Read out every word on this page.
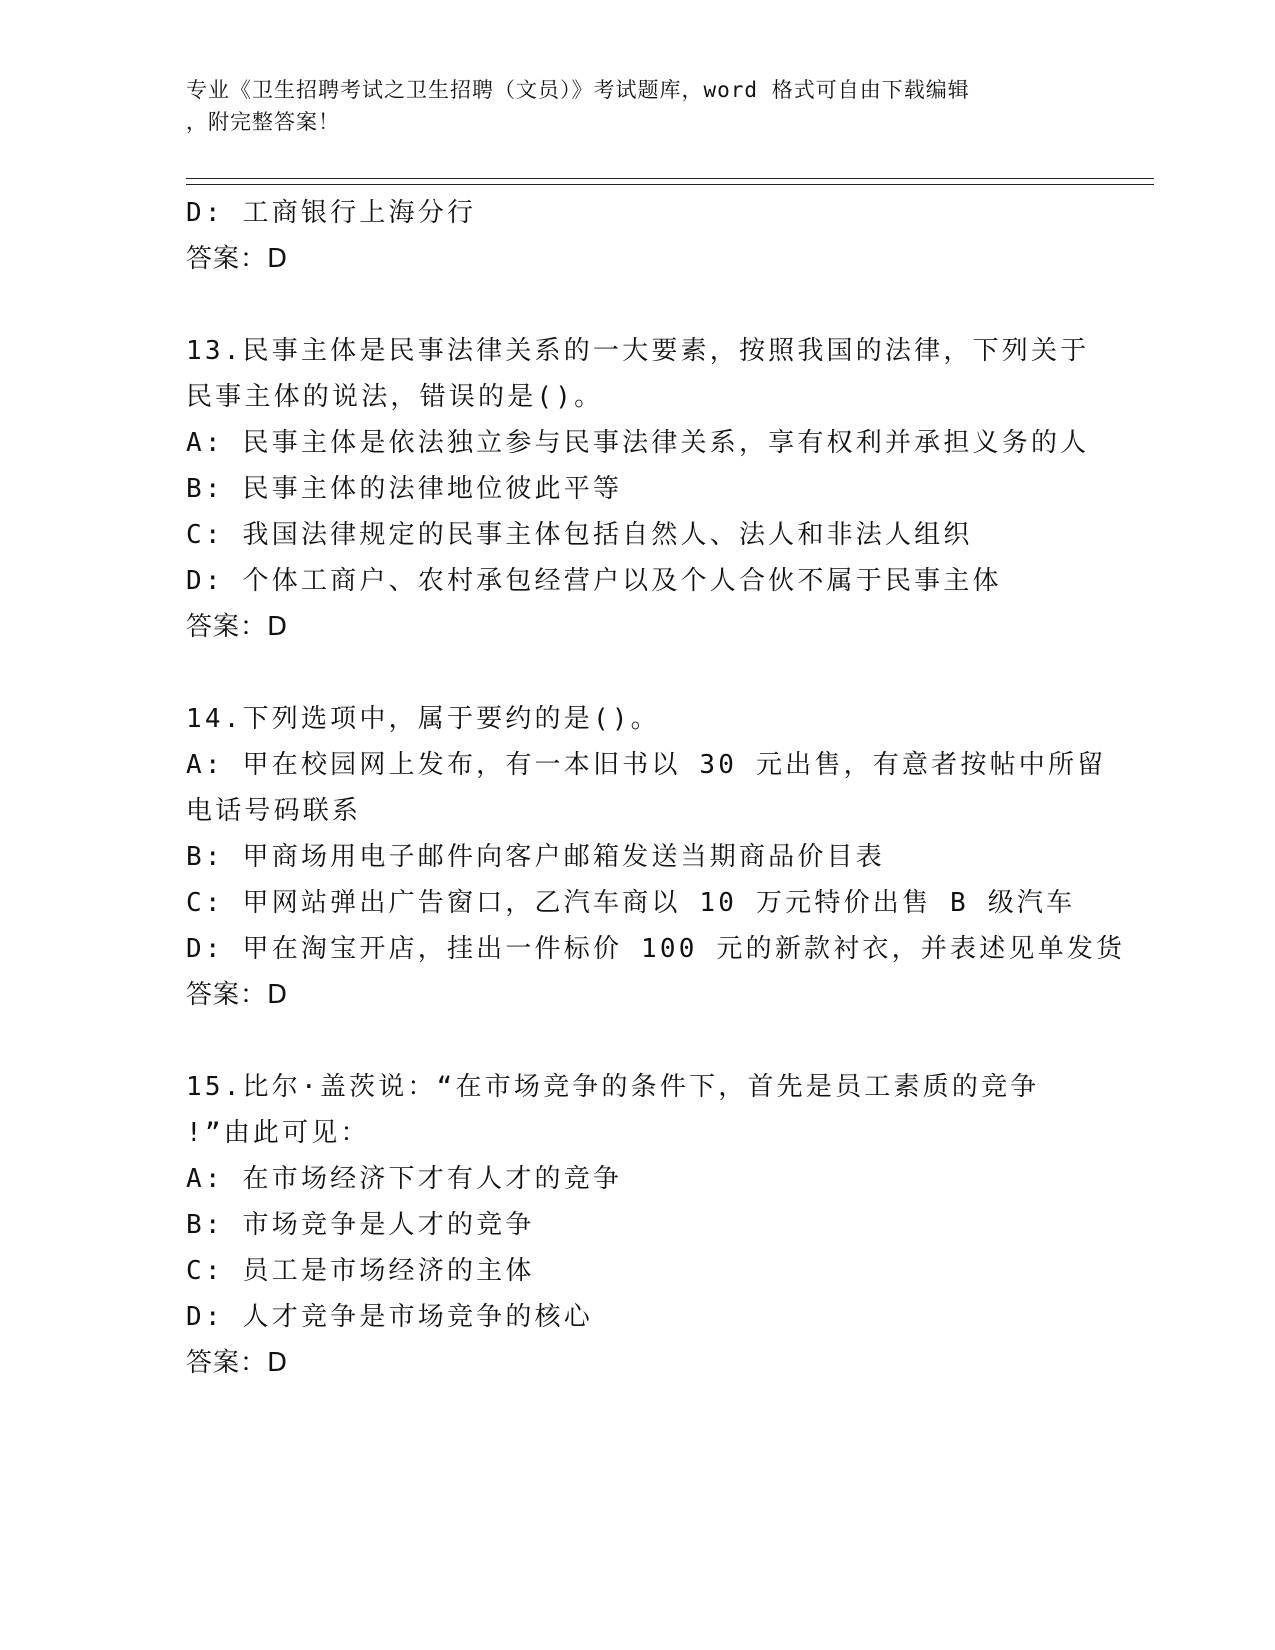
专业《卫生招聘考试之卫生招聘（文员）》考试题库，word 格式可自由下载编辑
，附完整答案！
D: 工商银行上海分行
答案：D
13.民事主体是民事法律关系的一大要素，按照我国的法律，下列关于
民事主体的说法，错误的是()。
A: 民事主体是依法独立参与民事法律关系，享有权利并承担义务的人
B: 民事主体的法律地位彼此平等
C: 我国法律规定的民事主体包括自然人、法人和非法人组织
D: 个体工商户、农村承包经营户以及个人合伙不属于民事主体
答案：D
14.下列选项中，属于要约的是()。
A: 甲在校园网上发布，有一本旧书以 30 元出售，有意者按帖中所留
电话号码联系
B: 甲商场用电子邮件向客户邮箱发送当期商品价目表
C: 甲网站弹出广告窗口，乙汽车商以 10 万元特价出售 B 级汽车
D: 甲在淘宝开店，挂出一件标价 100 元的新款衬衣，并表述见单发货
答案：D
15.比尔·盖茨说：“在市场竞争的条件下，首先是员工素质的竞争
!”由此可见：
A: 在市场经济下才有人才的竞争
B: 市场竞争是人才的竞争
C: 员工是市场经济的主体
D: 人才竞争是市场竞争的核心
答案：D
